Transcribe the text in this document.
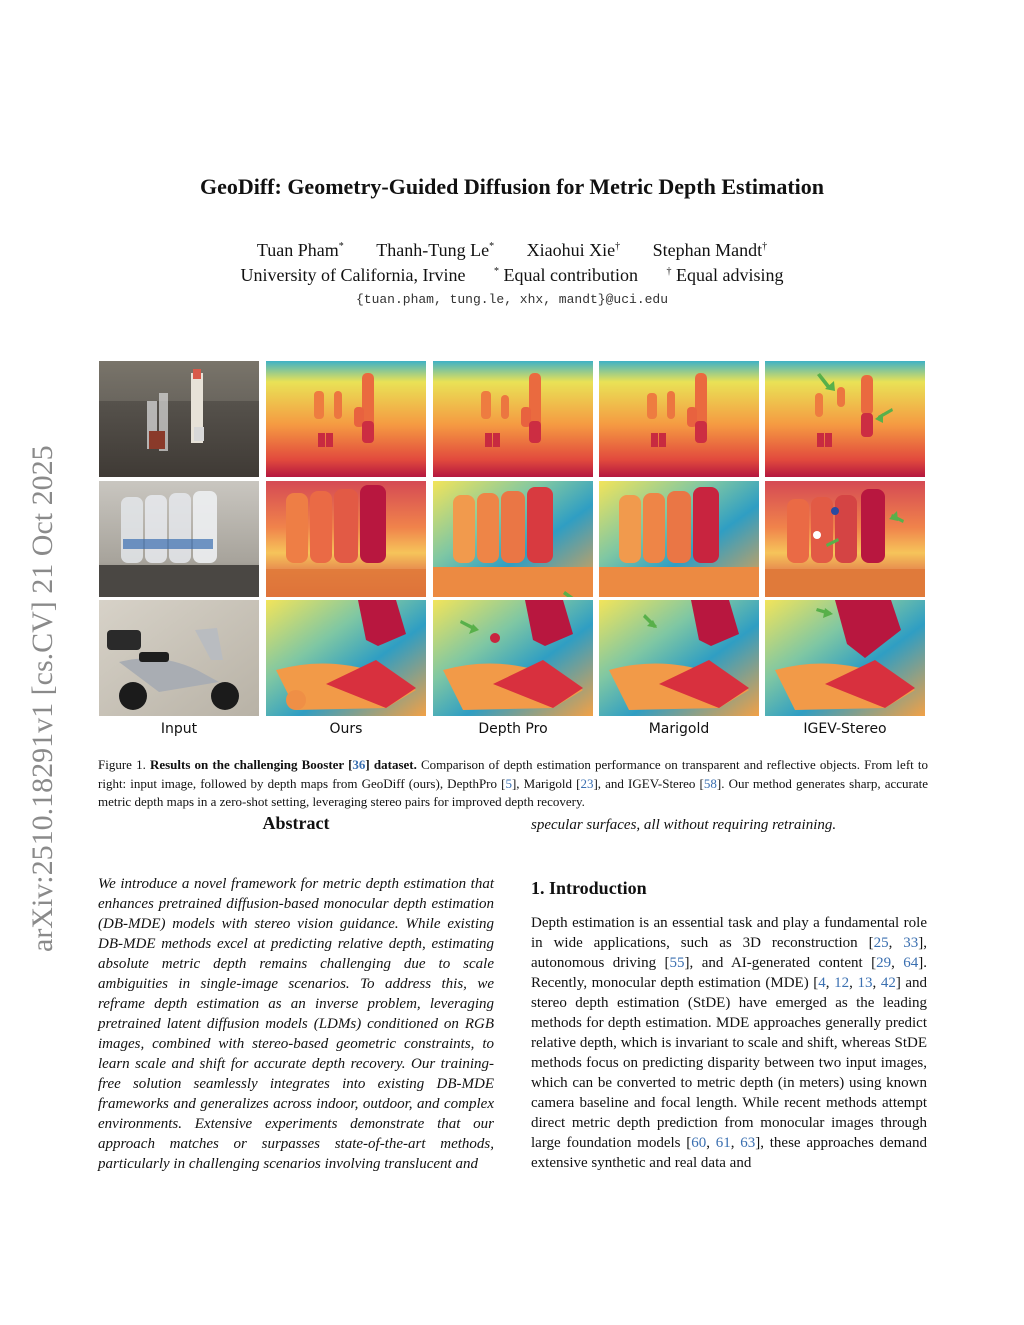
arXiv:2510.18291v1 [cs.CV] 21 Oct 2025
GeoDiff: Geometry-Guided Diffusion for Metric Depth Estimation
Tuan Pham* Thanh-Tung Le* Xiaohui Xie† Stephan Mandt†
University of California, Irvine	* Equal contribution	† Equal advising
{tuan.pham, tung.le, xhx, mandt}@uci.edu
Input	Ours	Depth Pro	Marigold	IGEV-Stereo
Figure 1. Results on the challenging Booster [36] dataset. Comparison of depth estimation performance on transparent and reflective objects. From left to right: input image, followed by depth maps from GeoDiff (ours), DepthPro [5], Marigold [23], and IGEV-Stereo [58]. Our method generates sharp, accurate metric depth maps in a zero-shot setting, leveraging stereo pairs for improved depth recovery.
Abstract

We introduce a novel framework for metric depth estimation that enhances pretrained diffusion-based monocular depth estimation (DB-MDE) models with stereo vision guidance. While existing DB-MDE methods excel at predicting relative depth, estimating absolute metric depth remains challenging due to scale ambiguities in single-image scenarios. To address this, we reframe depth estimation as an inverse problem, leveraging pretrained latent diffusion models (LDMs) conditioned on RGB images, combined with stereo-based geometric constraints, to learn scale and shift for accurate depth recovery. Our training-free solution seamlessly integrates into existing DB-MDE frameworks and generalizes across indoor, outdoor, and complex environments. Extensive experiments demonstrate that our approach matches or surpasses state-of-the-art methods, particularly in challenging scenarios involving translucent and

specular surfaces, all without requiring retraining.
1. Introduction
Depth estimation is an essential task and play a fundamental role in wide applications, such as 3D reconstruction [25, 33], autonomous driving [55], and AI-generated content [29, 64]. Recently, monocular depth estimation (MDE) [4, 12, 13, 42] and stereo depth estimation (StDE) have emerged as the leading methods for depth estimation. MDE approaches generally predict relative depth, which is invariant to scale and shift, whereas StDE methods focus on predicting disparity between two input images, which can be converted to metric depth (in meters) using known camera baseline and focal length. While recent methods attempt direct metric depth prediction from monocular images through large foundation models [60, 61, 63], these approaches demand extensive synthetic and real data and
